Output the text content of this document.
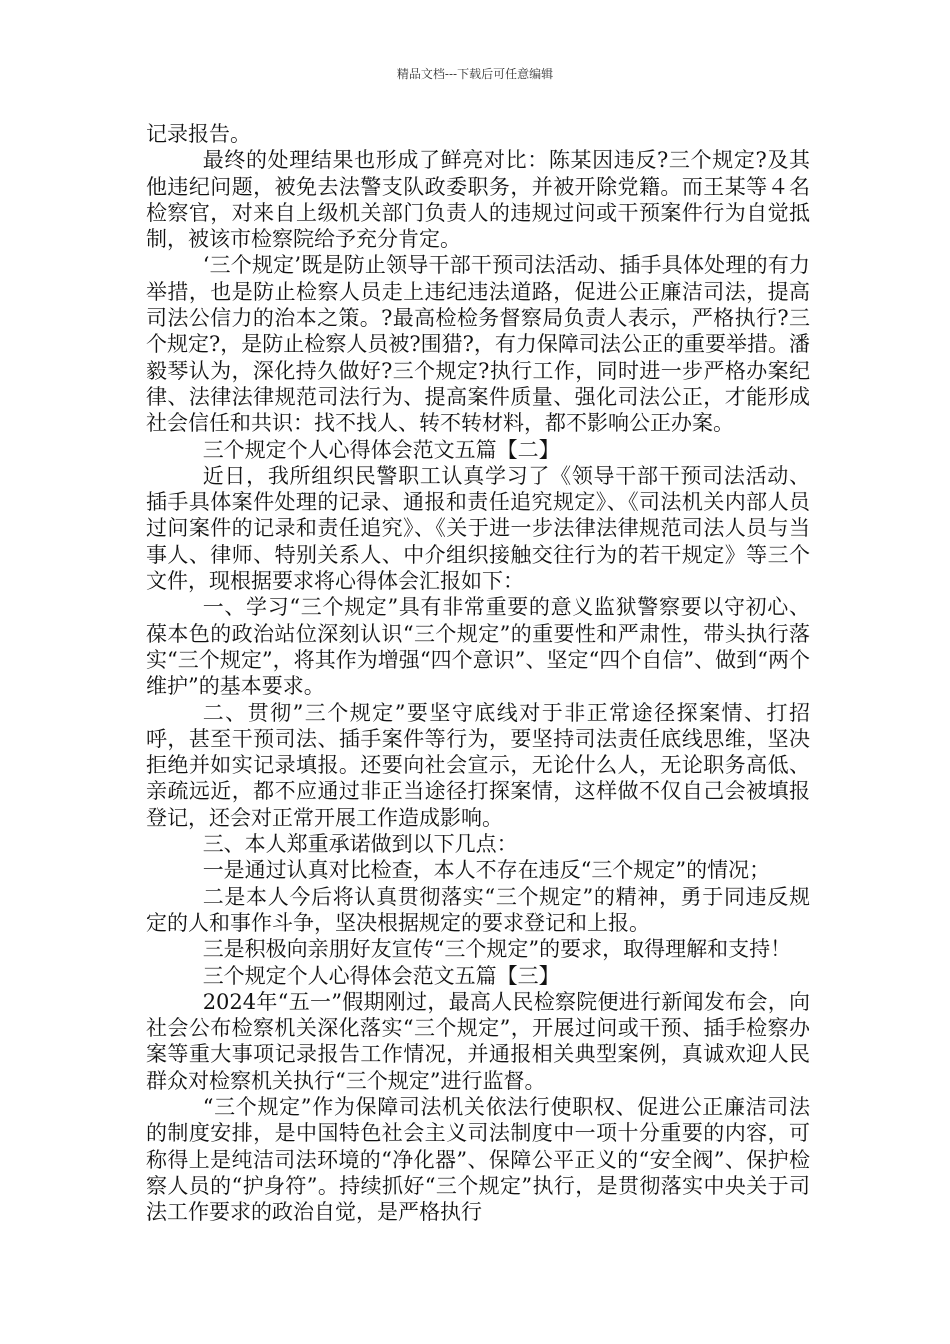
精品文档---下载后可任意编辑

记录报告。

最终的处理结果也形成了鲜亮对比：陈某因违反?三个规定?及其他违纪问题，被免去法警支队政委职务，并被开除党籍。而王某等４名检察官，对来自上级机关部门负责人的违规过问或干预案件行为自觉抵制，被该市检察院给予充分肯定。

‘三个规定’既是防止领导干部干预司法活动、插手具体处理的有力举措，也是防止检察人员走上违纪违法道路，促进公正廉洁司法，提高司法公信力的治本之策。?最高检检务督察局负责人表示，严格执行?三个规定?，是防止检察人员被?围猎?，有力保障司法公正的重要举措。潘毅琴认为，深化持久做好?三个规定?执行工作，同时进一步严格办案纪律、法律法律规范司法行为、提高案件质量、强化司法公正，才能形成社会信任和共识：找不找人、转不转材料，都不影响公正办案。

三个规定个人心得体会范文五篇【二】

近日，我所组织民警职工认真学习了《领导干部干预司法活动、插手具体案件处理的记录、通报和责任追究规定》、《司法机关内部人员过问案件的记录和责任追究》、《关于进一步法律法律规范司法人员与当事人、律师、特别关系人、中介组织接触交往行为的若干规定》等三个文件，现根据要求将心得体会汇报如下：

一、学习“三个规定”具有非常重要的意义监狱警察要以守初心、葆本色的政治站位深刻认识“三个规定”的重要性和严肃性，带头执行落实“三个规定”，将其作为增强“四个意识”、坚定“四个自信”、做到“两个维护”的基本要求。

二、贯彻”三个规定”要坚守底线对于非正常途径探案情、打招呼，甚至干预司法、插手案件等行为，要坚持司法责任底线思维，坚决拒绝并如实记录填报。还要向社会宣示，无论什么人，无论职务高低、亲疏远近，都不应通过非正当途径打探案情，这样做不仅自己会被填报登记，还会对正常开展工作造成影响。

三、本人郑重承诺做到以下几点：

一是通过认真对比检查，本人不存在违反“三个规定”的情况；

二是本人今后将认真贯彻落实“三个规定”的精神，勇于同违反规定的人和事作斗争，坚决根据规定的要求登记和上报。

三是积极向亲朋好友宣传“三个规定”的要求，取得理解和支持！

三个规定个人心得体会范文五篇【三】

2024年“五一”假期刚过，最高人民检察院便进行新闻发布会，向社会公布检察机关深化落实“三个规定”，开展过问或干预、插手检察办案等重大事项记录报告工作情况，并通报相关典型案例，真诚欢迎人民群众对检察机关执行“三个规定”进行监督。

“三个规定”作为保障司法机关依法行使职权、促进公正廉洁司法的制度安排，是中国特色社会主义司法制度中一项十分重要的内容，可称得上是纯洁司法环境的“净化器”、保障公平正义的“安全阀”、保护检察人员的“护身符”。持续抓好“三个规定”执行，是贯彻落实中央关于司法工作要求的政治自觉，是严格执行
